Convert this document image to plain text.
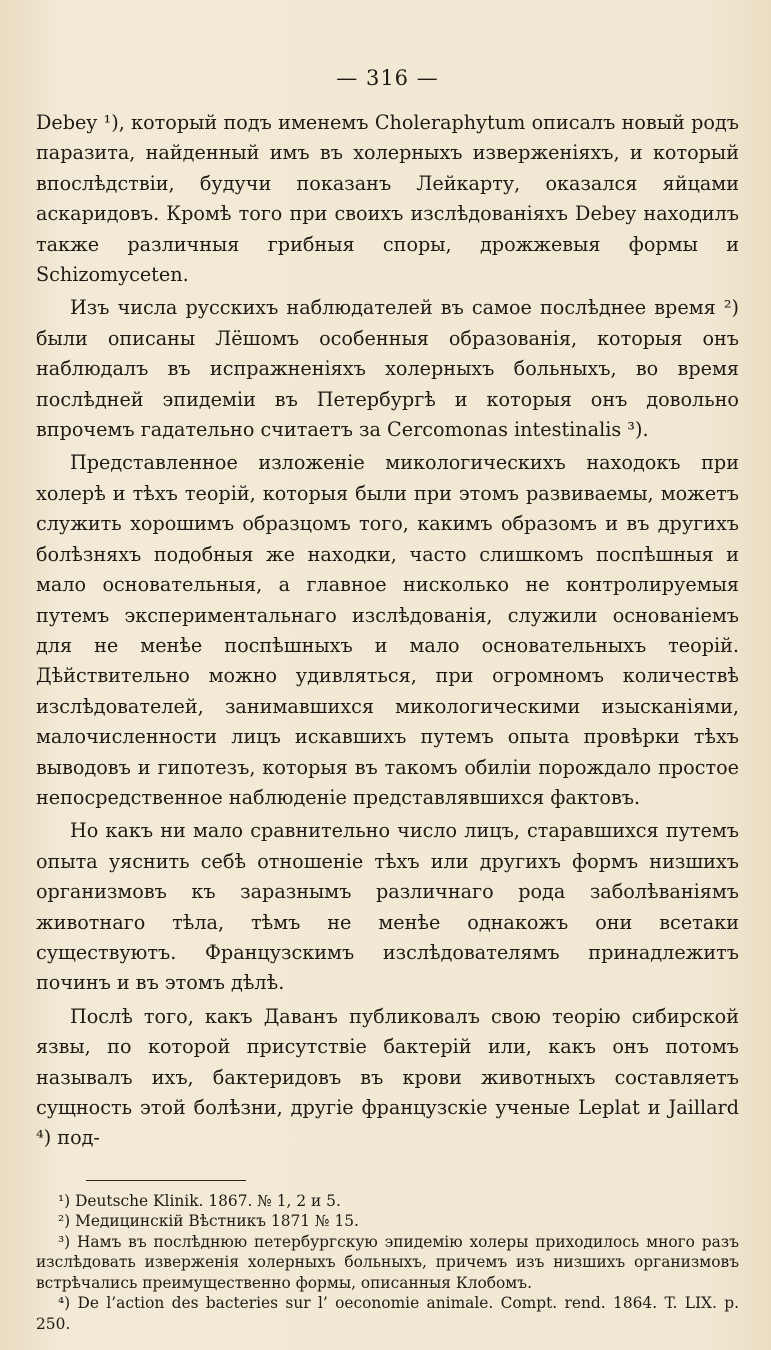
— 316 —

Debey ¹), который подъ именемъ Cholerаphytum описалъ новый родъ паразита, найденный имъ въ холерныхъ изверженіяхъ, и который впослѣдствіи, будучи показанъ Лейкарту, оказался яйцами аскаридовъ. Кромѣ того при своихъ изслѣдованіяхъ Debey находилъ также различныя грибныя споры, дрожжевыя формы и Schizomyceten.

Изъ числа русскихъ наблюдателей въ самое послѣднее время ²) были описаны Лёшомъ особенныя образованія, которыя онъ наблюдалъ въ испражненіяхъ холерныхъ больныхъ, во время послѣдней эпидеміи въ Петербургѣ и которыя онъ довольно впрочемъ гадательно считаетъ за Cercomonas intestinalis ³).

Представленное изложеніе микологическихъ находокъ при холерѣ и тѣхъ теорій, которыя были при этомъ развиваемы, можетъ служить хорошимъ образцомъ того, какимъ образомъ и въ другихъ болѣзняхъ подобныя же находки, часто слишкомъ поспѣшныя и мало основательныя, а главное нисколько не контролируемыя путемъ экспериментальнаго изслѣдованія, служили основаніемъ для не менѣе поспѣшныхъ и мало основательныхъ теорій. Дѣйствительно можно удивляться, при огромномъ количествѣ изслѣдователей, занимавшихся микологическими изысканіями, малочисленности лицъ искавшихъ путемъ опыта провѣрки тѣхъ выводовъ и гипотезъ, которыя въ такомъ обиліи порождало простое непосредственное наблюденіе представлявшихся фактовъ.

Но какъ ни мало сравнительно число лицъ, старавшихся путемъ опыта уяснить себѣ отношеніе тѣхъ или другихъ формъ низшихъ организмовъ къ заразнымъ различнаго рода заболѣваніямъ животнаго тѣла, тѣмъ не менѣе однакожъ они всетаки существуютъ. Французскимъ изслѣдователямъ принадлежитъ починъ и въ этомъ дѣлѣ.

Послѣ того, какъ Даванъ публиковалъ свою теорію сибирской язвы, по которой присутствіе бактерій или, какъ онъ потомъ называлъ ихъ, бактеридовъ въ крови животныхъ составляетъ сущность этой болѣзни, другіе французскіе ученые Leplat и Jaillard ⁴) под-

¹) Deutsche Klinik. 1867. № 1, 2 и 5.

²) Медицинскій Вѣстникъ 1871 № 15.

³) Намъ въ послѣднюю петербургскую эпидемію холеры приходилось много разъ изслѣдовать изверженія холерныхъ больныхъ, причемъ изъ низшихъ организмовъ встрѣчались преимущественно формы, описанныя Клобомъ.

⁴) De l’action des bacteries sur l’ oeconomie animale. Compt. rend. 1864. T. LIX. p. 250.
